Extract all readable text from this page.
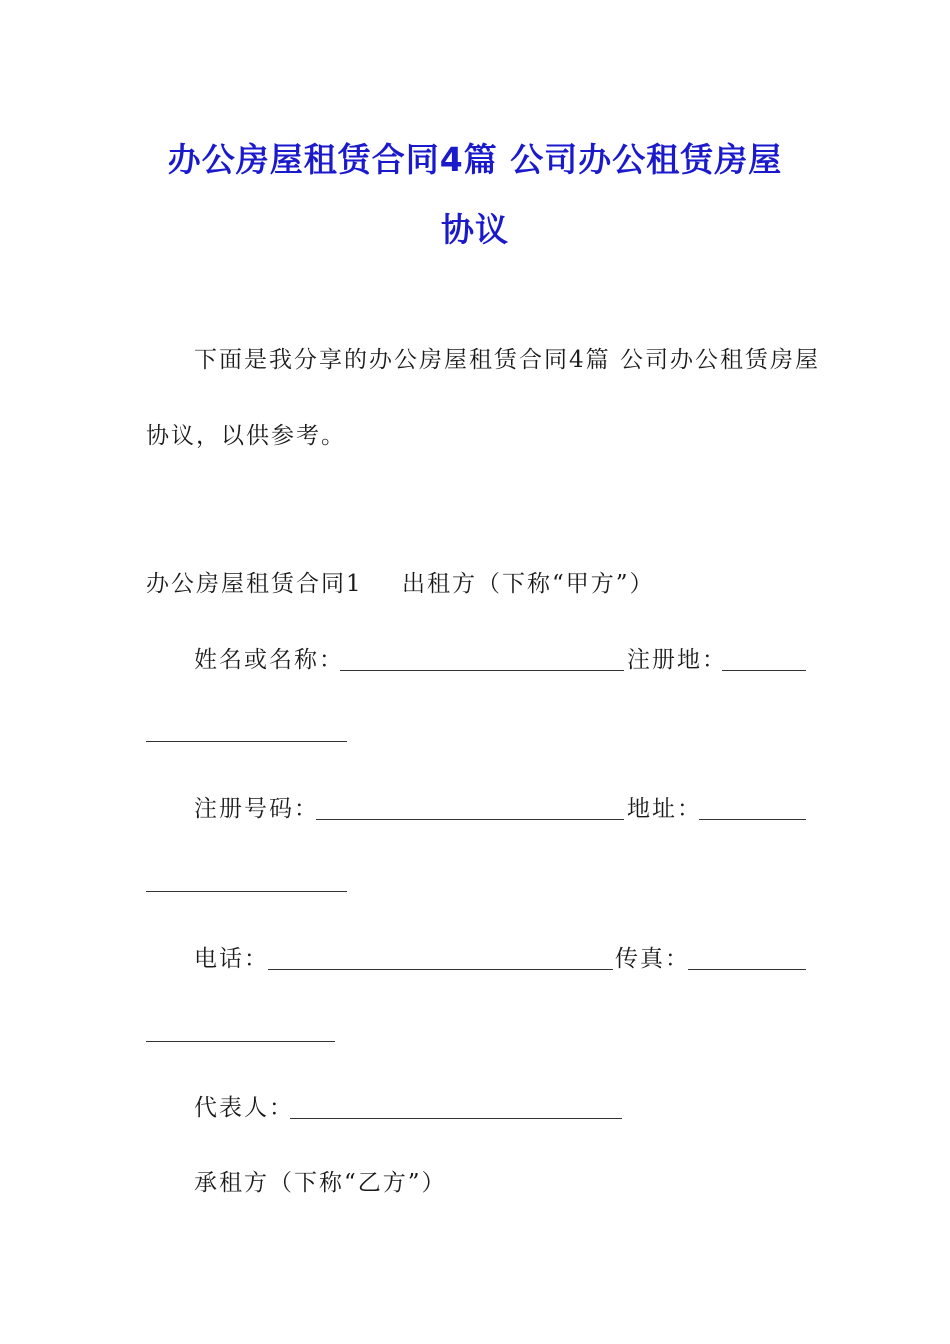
办公房屋租赁合同4篇 公司办公租赁房屋
协议
下面是我分享的办公房屋租赁合同4篇 公司办公租赁房屋
协议，以供参考。
办公房屋租赁合同1 出租方（下称“甲方”）
姓名或名称：	注册地：
注册号码：	地址：
电话：	传真：
代表人：
承租方（下称“乙方”）
